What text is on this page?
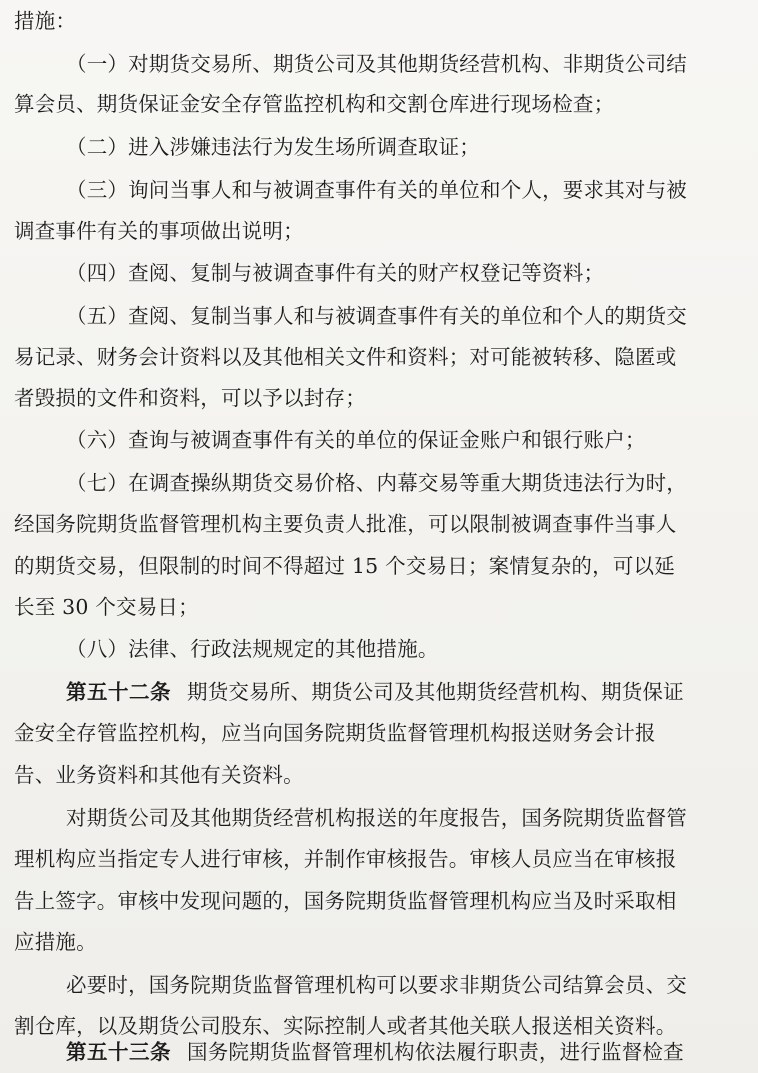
措施：
（一）对期货交易所、期货公司及其他期货经营机构、非期货公司结
算会员、期货保证金安全存管监控机构和交割仓库进行现场检查；
（二）进入涉嫌违法行为发生场所调查取证；
（三）询问当事人和与被调查事件有关的单位和个人，要求其对与被
调查事件有关的事项做出说明；
（四）查阅、复制与被调查事件有关的财产权登记等资料；
（五）查阅、复制当事人和与被调查事件有关的单位和个人的期货交
易记录、财务会计资料以及其他相关文件和资料；对可能被转移、隐匿或
者毁损的文件和资料，可以予以封存；
（六）查询与被调查事件有关的单位的保证金账户和银行账户；
（七）在调查操纵期货交易价格、内幕交易等重大期货违法行为时，
经国务院期货监督管理机构主要负责人批准，可以限制被调查事件当事人
的期货交易，但限制的时间不得超过 15 个交易日；案情复杂的，可以延
长至 30 个交易日；
（八）法律、行政法规规定的其他措施。
第五十二条 期货交易所、期货公司及其他期货经营机构、期货保证
金安全存管监控机构，应当向国务院期货监督管理机构报送财务会计报
告、业务资料和其他有关资料。
对期货公司及其他期货经营机构报送的年度报告，国务院期货监督管
理机构应当指定专人进行审核，并制作审核报告。审核人员应当在审核报
告上签字。审核中发现问题的，国务院期货监督管理机构应当及时采取相
应措施。
必要时，国务院期货监督管理机构可以要求非期货公司结算会员、交
割仓库，以及期货公司股东、实际控制人或者其他关联人报送相关资料。
第五十三条 国务院期货监督管理机构依法履行职责，进行监督检查
